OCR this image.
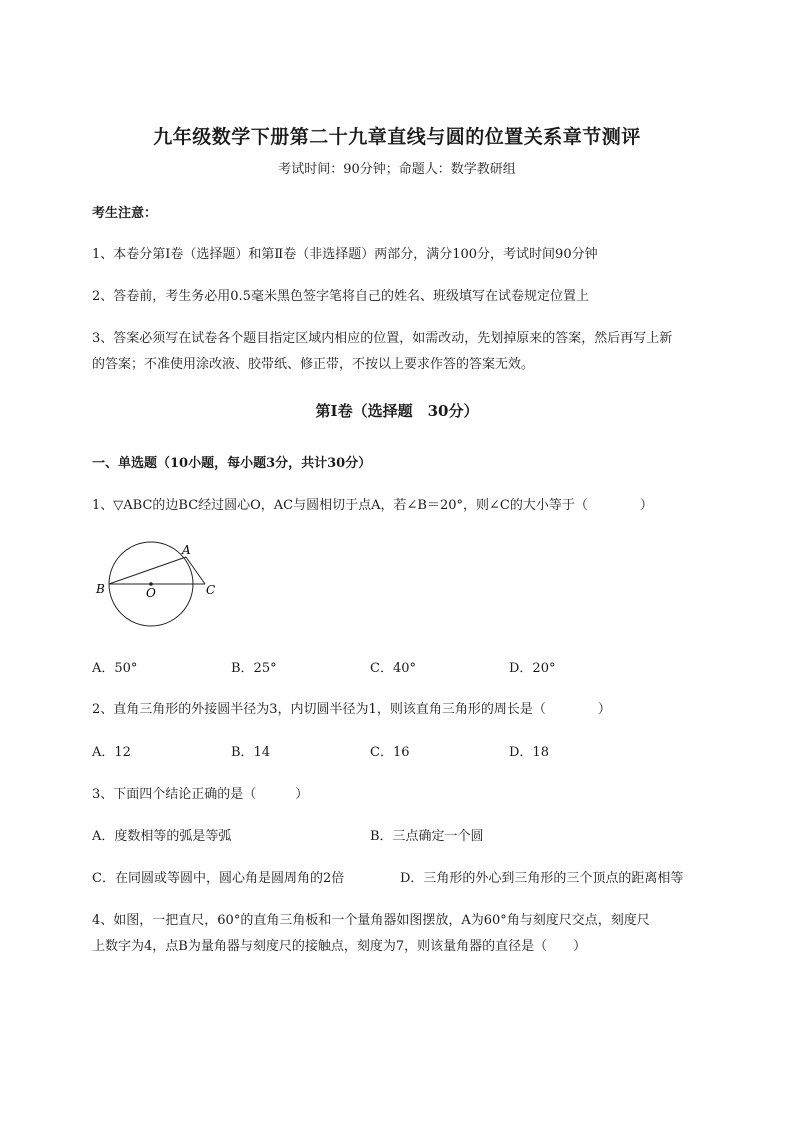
九年级数学下册第二十九章直线与圆的位置关系章节测评
考试时间：90分钟；命题人：数学教研组
考生注意：
1、本卷分第I卷（选择题）和第Ⅱ卷（非选择题）两部分，满分100分，考试时间90分钟
2、答卷前，考生务必用0.5毫米黑色签字笔将自己的姓名、班级填写在试卷规定位置上
3、答案必须写在试卷各个题目指定区域内相应的位置，如需改动，先划掉原来的答案，然后再写上新
的答案；不准使用涂改液、胶带纸、修正带，不按以上要求作答的答案无效。
第I卷（选择题　30分）
一、单选题（10小题，每小题3分，共计30分）
1、▽ABC的边BC经过圆心O，AC与圆相切于点A，若∠B＝20°，则∠C的大小等于（　　　　）
A
B	C
O
A．50°	B．25°	C．40°	D．20°
2、直角三角形的外接圆半径为3，内切圆半径为1，则该直角三角形的周长是（　　　　）
A．12	B．14	C．16	D．18
3、下面四个结论正确的是（　　　）
A．度数相等的弧是等弧	B．三点确定一个圆
C．在同圆或等圆中，圆心角是圆周角的2倍	D．三角形的外心到三角形的三个顶点的距离相等
4、如图，一把直尺，60°的直角三角板和一个量角器如图摆放，A为60°角与刻度尺交点，刻度尺
上数字为4，点B为量角器与刻度尺的接触点，刻度为7，则该量角器的直径是（　　）
